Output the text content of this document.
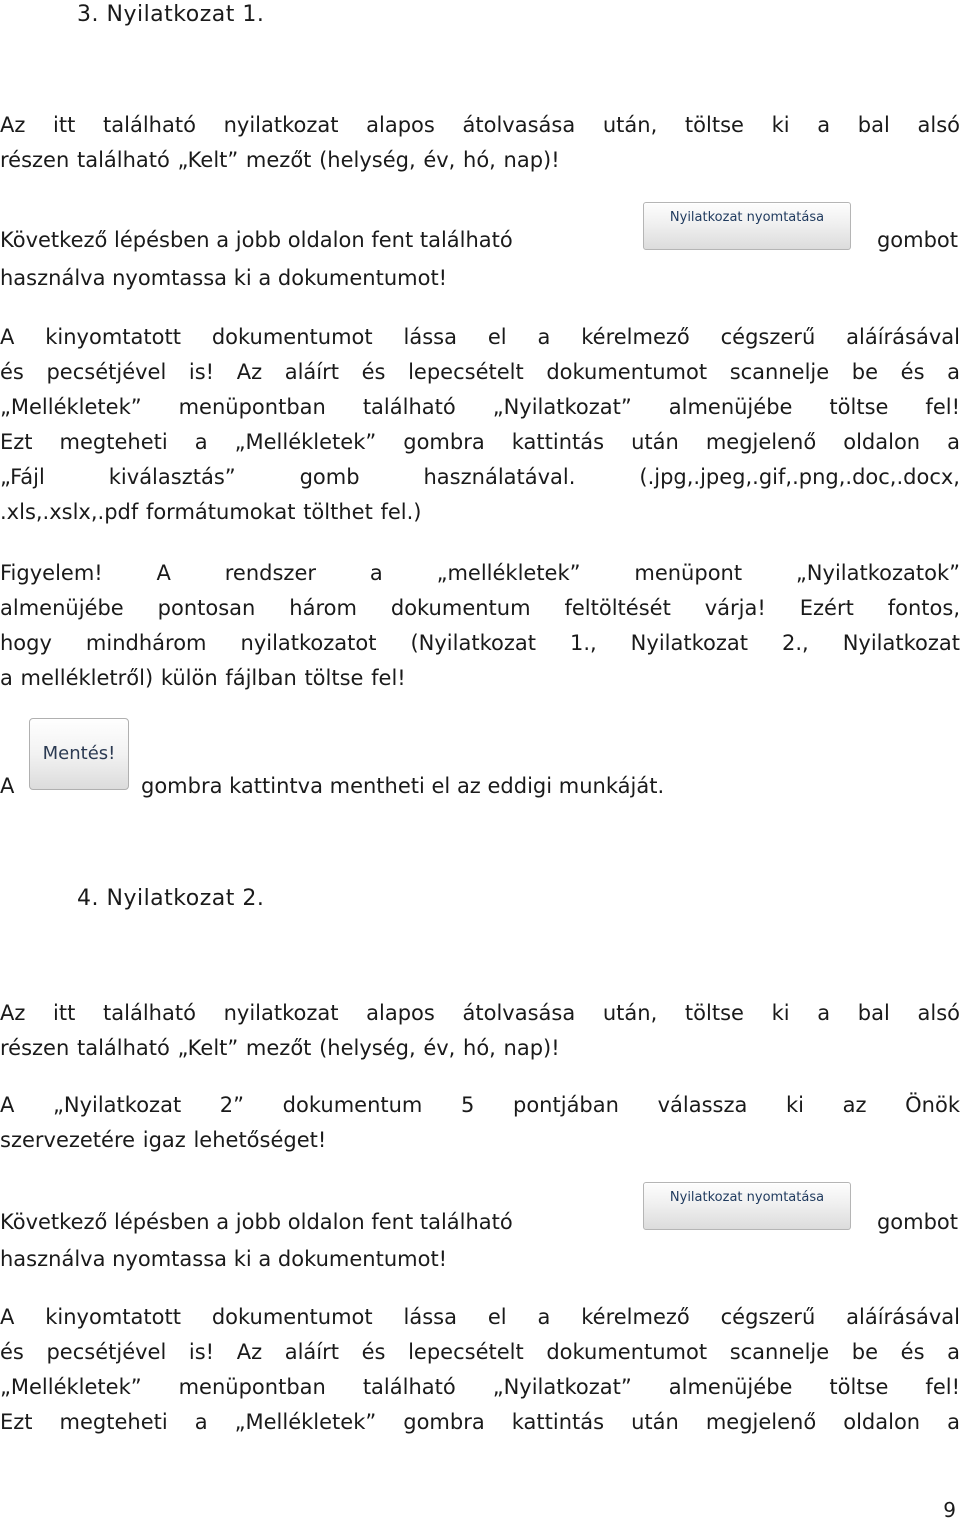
3. Nyilatkozat 1.
Az itt található nyilatkozat alapos átolvasása után, töltse ki a bal alsó
részen található „Kelt” mezőt (helység, év, hó, nap)!
Következő lépésben a jobb oldalon fent található
Nyilatkozat nyomtatása
gombot
használva nyomtassa ki a dokumentumot!
A kinyomtatott dokumentumot lássa el a kérelmező cégszerű aláírásával
és pecsétjével is! Az aláírt és lepecsételt dokumentumot scannelje be és a
„Mellékletek” menüpontban található „Nyilatkozat” almenüjébe töltse fel!
Ezt megteheti a „Mellékletek” gombra kattintás után megjelenő oldalon a
„Fájl kiválasztás” gomb használatával. (.jpg,.jpeg,.gif,.png,.doc,.docx,
.xls,.xslx,.pdf formátumokat tölthet fel.)
Figyelem! A rendszer a „mellékletek” menüpont „Nyilatkozatok”
almenüjébe pontosan három dokumentum feltöltését várja! Ezért fontos,
hogy mindhárom nyilatkozatot (Nyilatkozat 1., Nyilatkozat 2., Nyilatkozat
a mellékletről) külön fájlban töltse fel!
A
Mentés!
gombra kattintva mentheti el az eddigi munkáját.
4. Nyilatkozat 2.
Az itt található nyilatkozat alapos átolvasása után, töltse ki a bal alsó
részen található „Kelt” mezőt (helység, év, hó, nap)!
A „Nyilatkozat 2” dokumentum 5 pontjában válassza ki az Önök
szervezetére igaz lehetőséget!
Következő lépésben a jobb oldalon fent található
Nyilatkozat nyomtatása
gombot
használva nyomtassa ki a dokumentumot!
A kinyomtatott dokumentumot lássa el a kérelmező cégszerű aláírásával
és pecsétjével is! Az aláírt és lepecsételt dokumentumot scannelje be és a
„Mellékletek” menüpontban található „Nyilatkozat” almenüjébe töltse fel!
Ezt megteheti a „Mellékletek” gombra kattintás után megjelenő oldalon a
9
